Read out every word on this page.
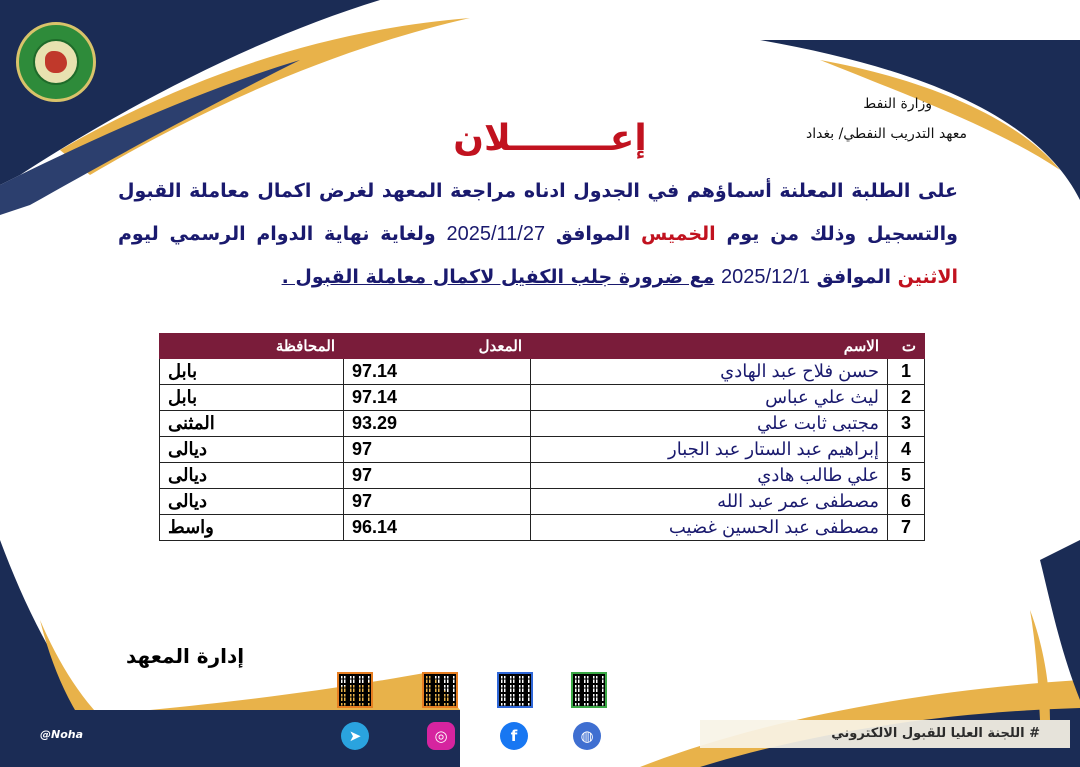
وزارة النفط
معهد التدريب النفطي/ بغداد
إعــــــــلان
على الطلبة المعلنة أسماؤهم في الجدول ادناه مراجعة المعهد لغرض اكمال معاملة القبول والتسجيل وذلك من يوم الخميس الموافق 2025/11/27 ولغاية نهاية الدوام الرسمي ليوم الاثنين الموافق 2025/12/1 مع ضرورة جلب الكفيل لاكمال معاملة القبول .
ت	الاسم	المعدل	المحافظة
1	حسن فلاح عبد الهادي	97.14	بابل
2	ليث علي عباس	97.14	بابل
3	مجتبى ثابت علي	93.29	المثنى
4	إبراهيم عبد الستار عبد الجبار	97	ديالى
5	علي طالب هادي	97	ديالى
6	مصطفى عمر عبد الله	97	ديالى
7	مصطفى عبد الحسين غضيب	96.14	واسط
إدارة المعهد
➤	◎	f	◍
@Noha	# اللجنة العليا للقبول الالكتروني
